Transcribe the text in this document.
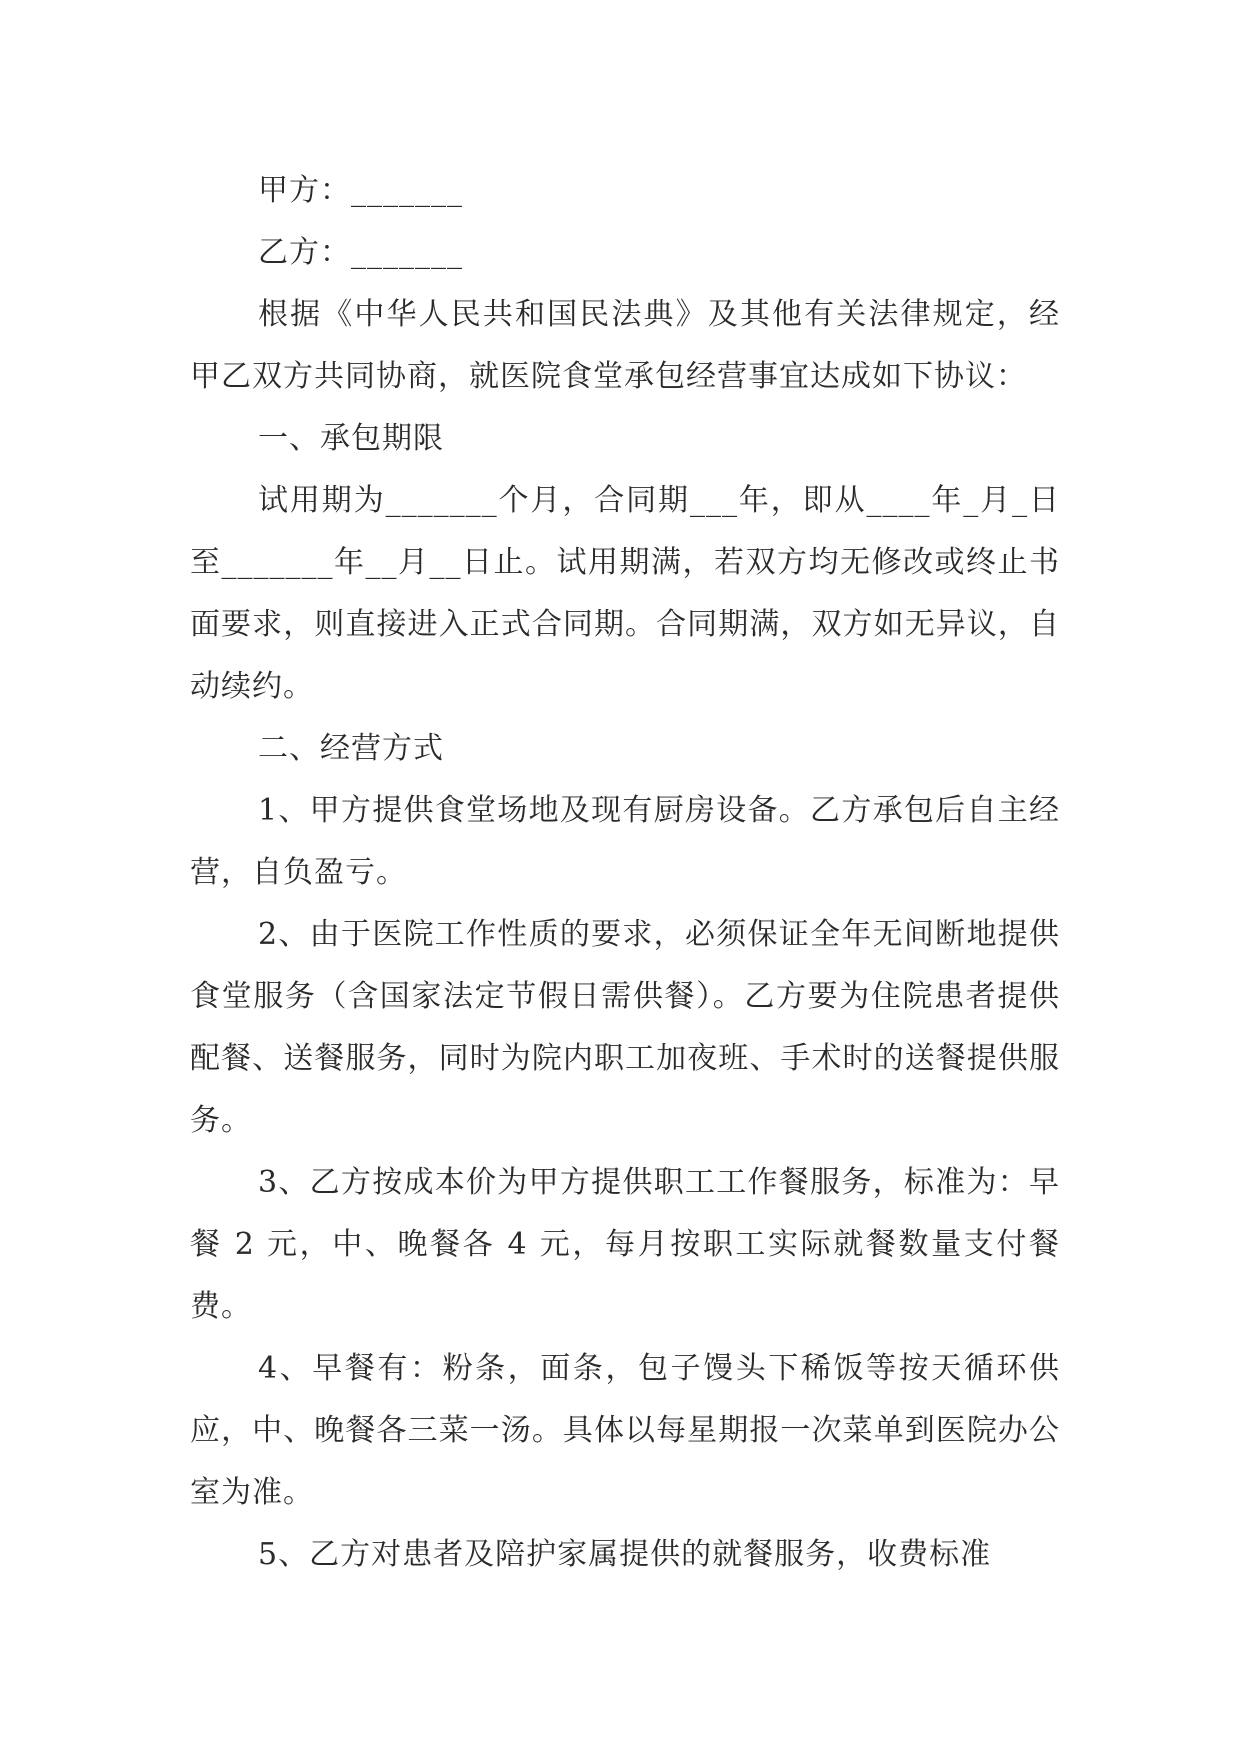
甲方：_______

乙方：_______

根据《中华人民共和国民法典》及其他有关法律规定，经甲乙双方共同协商，就医院食堂承包经营事宜达成如下协议：

一、承包期限

试用期为_______个月，合同期___年，即从____年_月_日至_______年__月__日止。试用期满，若双方均无修改或终止书面要求，则直接进入正式合同期。合同期满，双方如无异议，自动续约。

二、经营方式

1、甲方提供食堂场地及现有厨房设备。乙方承包后自主经营，自负盈亏。

2、由于医院工作性质的要求，必须保证全年无间断地提供食堂服务（含国家法定节假日需供餐）。乙方要为住院患者提供配餐、送餐服务，同时为院内职工加夜班、手术时的送餐提供服务。

3、乙方按成本价为甲方提供职工工作餐服务，标准为：早餐 2 元，中、晚餐各 4 元，每月按职工实际就餐数量支付餐费。

4、早餐有：粉条，面条，包子馒头下稀饭等按天循环供应，中、晚餐各三菜一汤。具体以每星期报一次菜单到医院办公室为准。

5、乙方对患者及陪护家属提供的就餐服务，收费标准
